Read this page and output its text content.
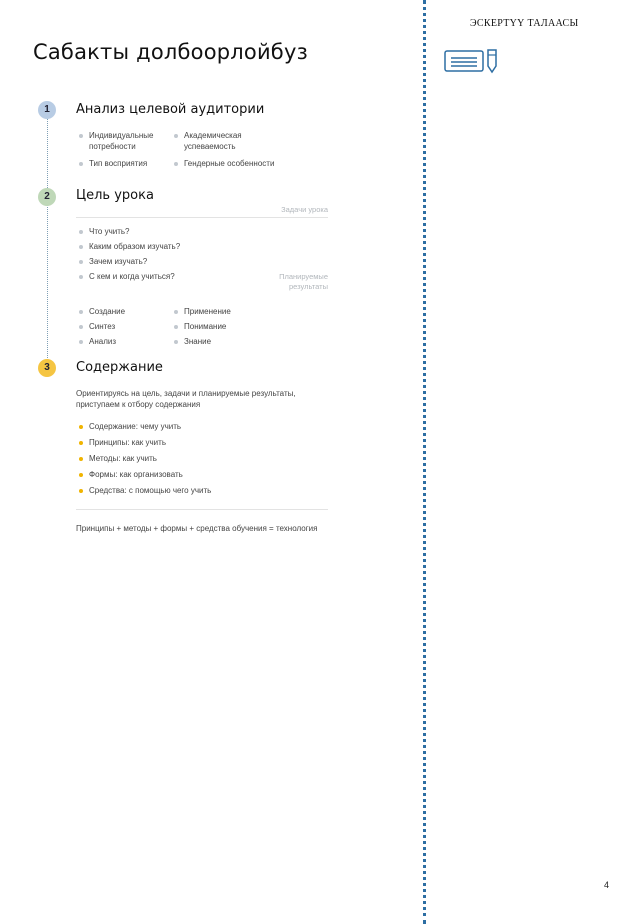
Сабакты долбоорлойбуз
ЭСКЕРТҮҮ ТАЛААСЫ
4
1	Анализ целевой аудитории
Индивидуальные потребности
Тип восприятия
Академическая успеваемость
Гендерные особенности
2	Цель урока
Задачи урока
Что учить?
Каким образом изучать?
Зачем изучать?
С кем и когда учиться?	Планируемые результаты
Создание
Синтез
Анализ
Применение
Понимание
Знание
3	Содержание
Ориентируясь на цель, задачи и планируемые результаты, приступаем к отбору содержания
Содержание: чему учить
Принципы: как учить
Методы: как учить
Формы: как организовать
Средства: с помощью чего учить
Принципы + методы + формы + средства обучения = технология
